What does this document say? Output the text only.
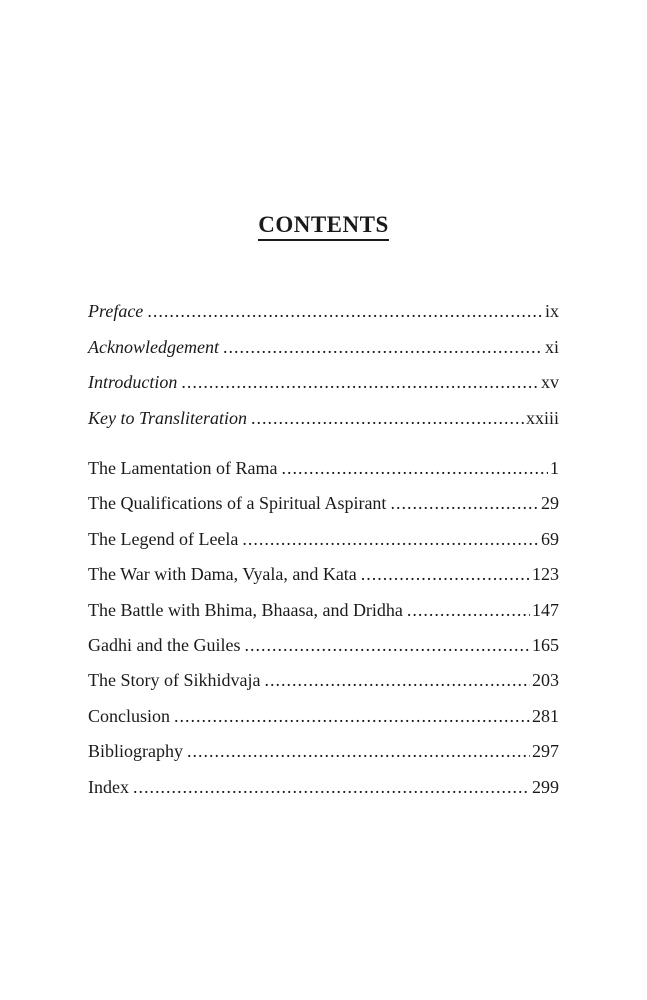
CONTENTS
Preface .....	ix
Acknowledgement .....	xi
Introduction .....	xv
Key to Transliteration .....	xxiii
The Lamentation of Rama .....	1
The Qualifications of a Spiritual Aspirant .....	29
The Legend of Leela .....	69
The War with Dama, Vyala, and Kata .....	123
The Battle with Bhima, Bhaasa, and Dridha .....	147
Gadhi and the Guiles .....	165
The Story of Sikhidvaja .....	203
Conclusion .....	281
Bibliography .....	297
Index .....	299
